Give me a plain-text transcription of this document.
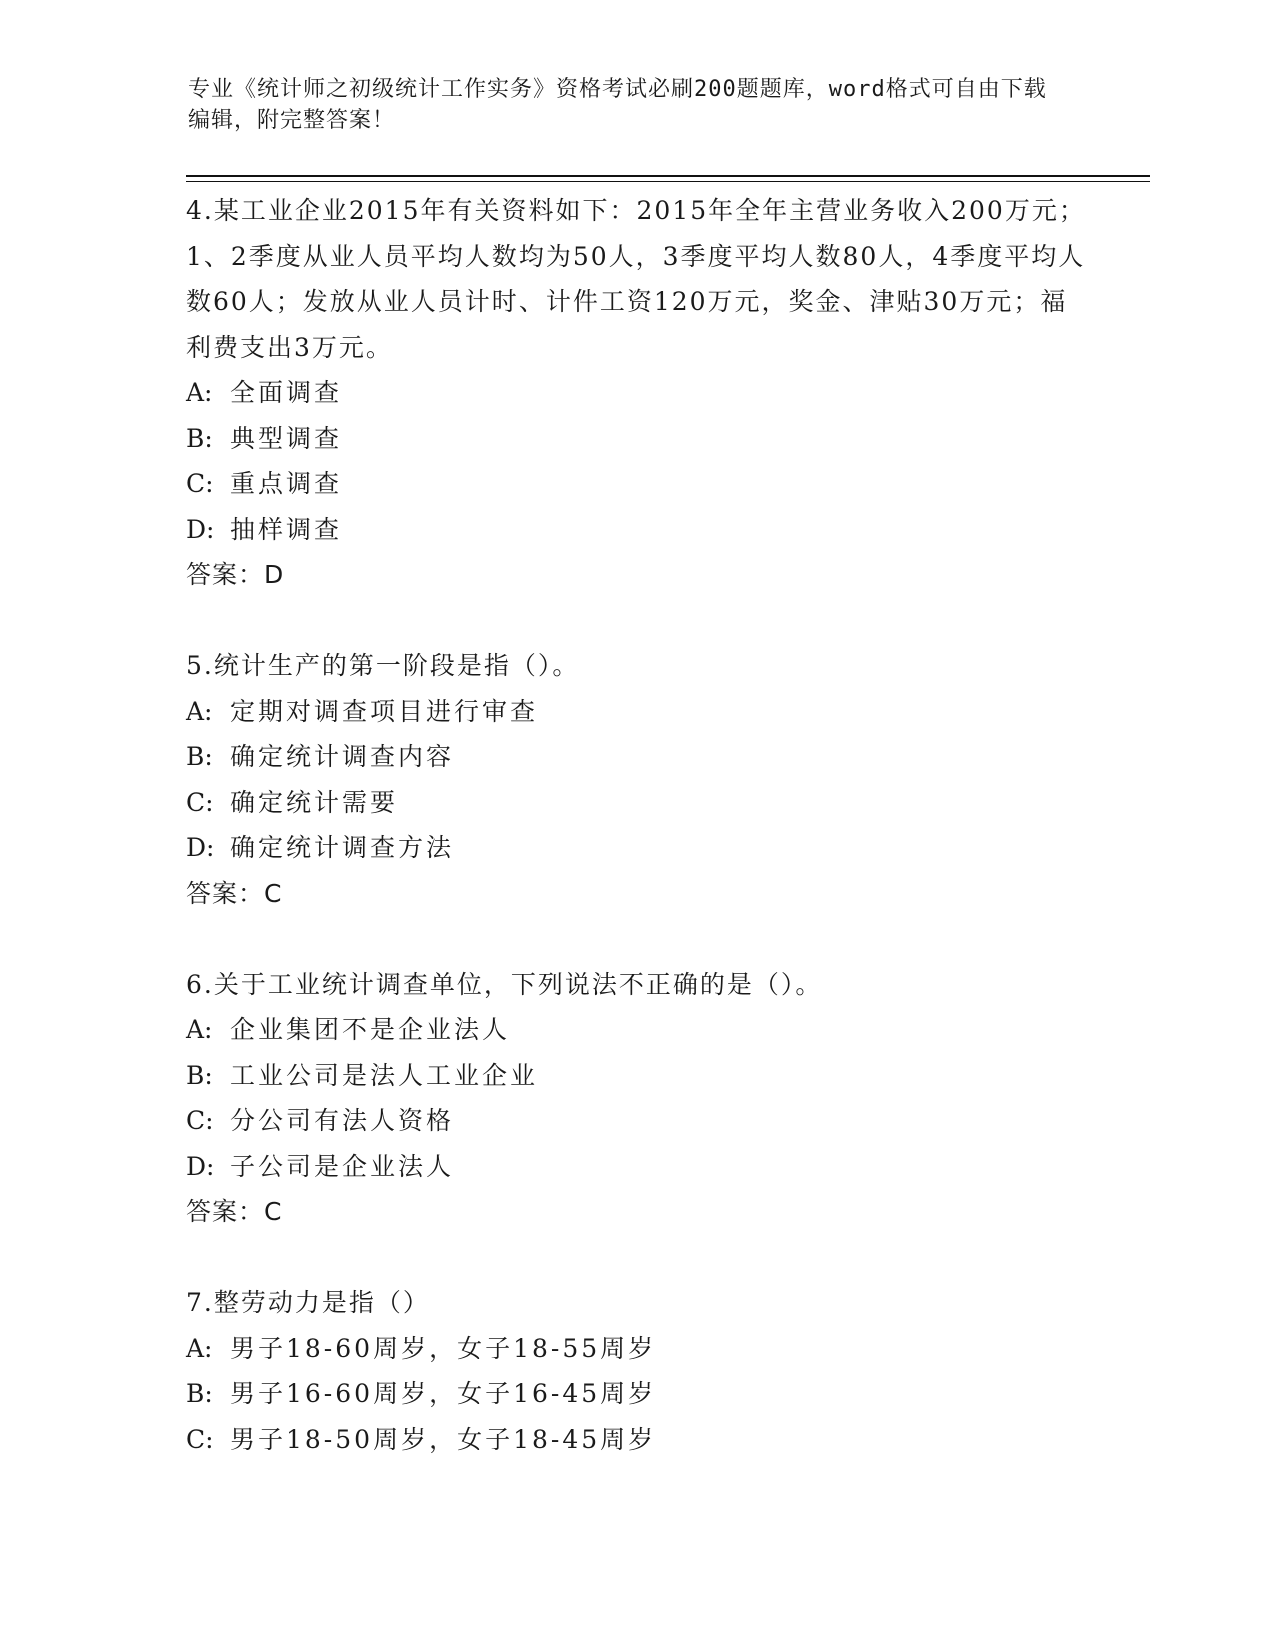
专业《统计师之初级统计工作实务》资格考试必刷200题题库，word格式可自由下载编辑，附完整答案！

4.某工业企业2015年有关资料如下：2015年全年主营业务收入200万元；1、2季度从业人员平均人数均为50人，3季度平均人数80人，4季度平均人数60人；发放从业人员计时、计件工资120万元，奖金、津贴30万元；福利费支出3万元。

A: 全面调查

B: 典型调查

C: 重点调查

D: 抽样调查

答案：D

5.统计生产的第一阶段是指（）。

A: 定期对调查项目进行审查

B: 确定统计调查内容

C: 确定统计需要

D: 确定统计调查方法

答案：C

6.关于工业统计调查单位，下列说法不正确的是（）。

A: 企业集团不是企业法人

B: 工业公司是法人工业企业

C: 分公司有法人资格

D: 子公司是企业法人

答案：C

7.整劳动力是指（）

A: 男子18-60周岁，女子18-55周岁

B: 男子16-60周岁，女子16-45周岁

C: 男子18-50周岁，女子18-45周岁
